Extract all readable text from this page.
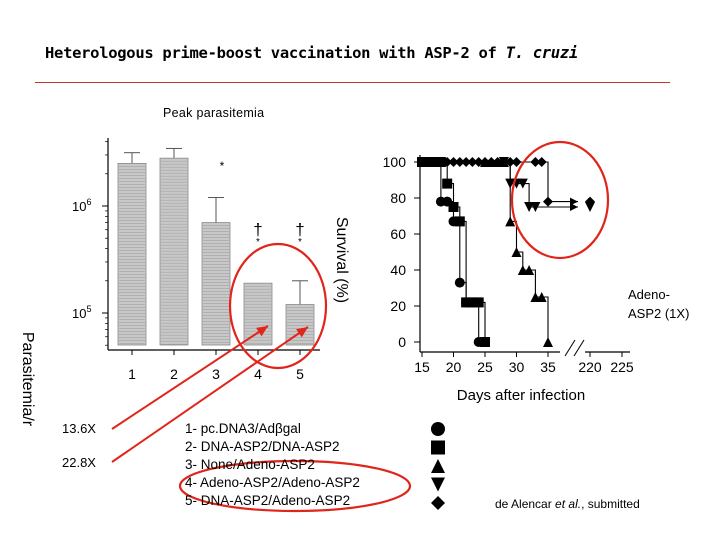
Heterologous prime-boost vaccination with ASP-2 of T. cruzi
Peak parasitemia
Parasitemia/r
$10^5$
$10^6$
1 2 3 4 5
*
†
*
†
*
0
20
40
60
80
100
15 20 25 30 35 220 225
Days after infection
Survival (%)
13.6X
22.8X
1- pc.DNA3/Adβgal
2- DNA-ASP2/DNA-ASP2
3- None/Adeno-ASP2
4- Adeno-ASP2/Adeno-ASP2
5- DNA-ASP2/Adeno-ASP2
Adeno-
ASP2 (1X)
de Alencar et al., submitted
